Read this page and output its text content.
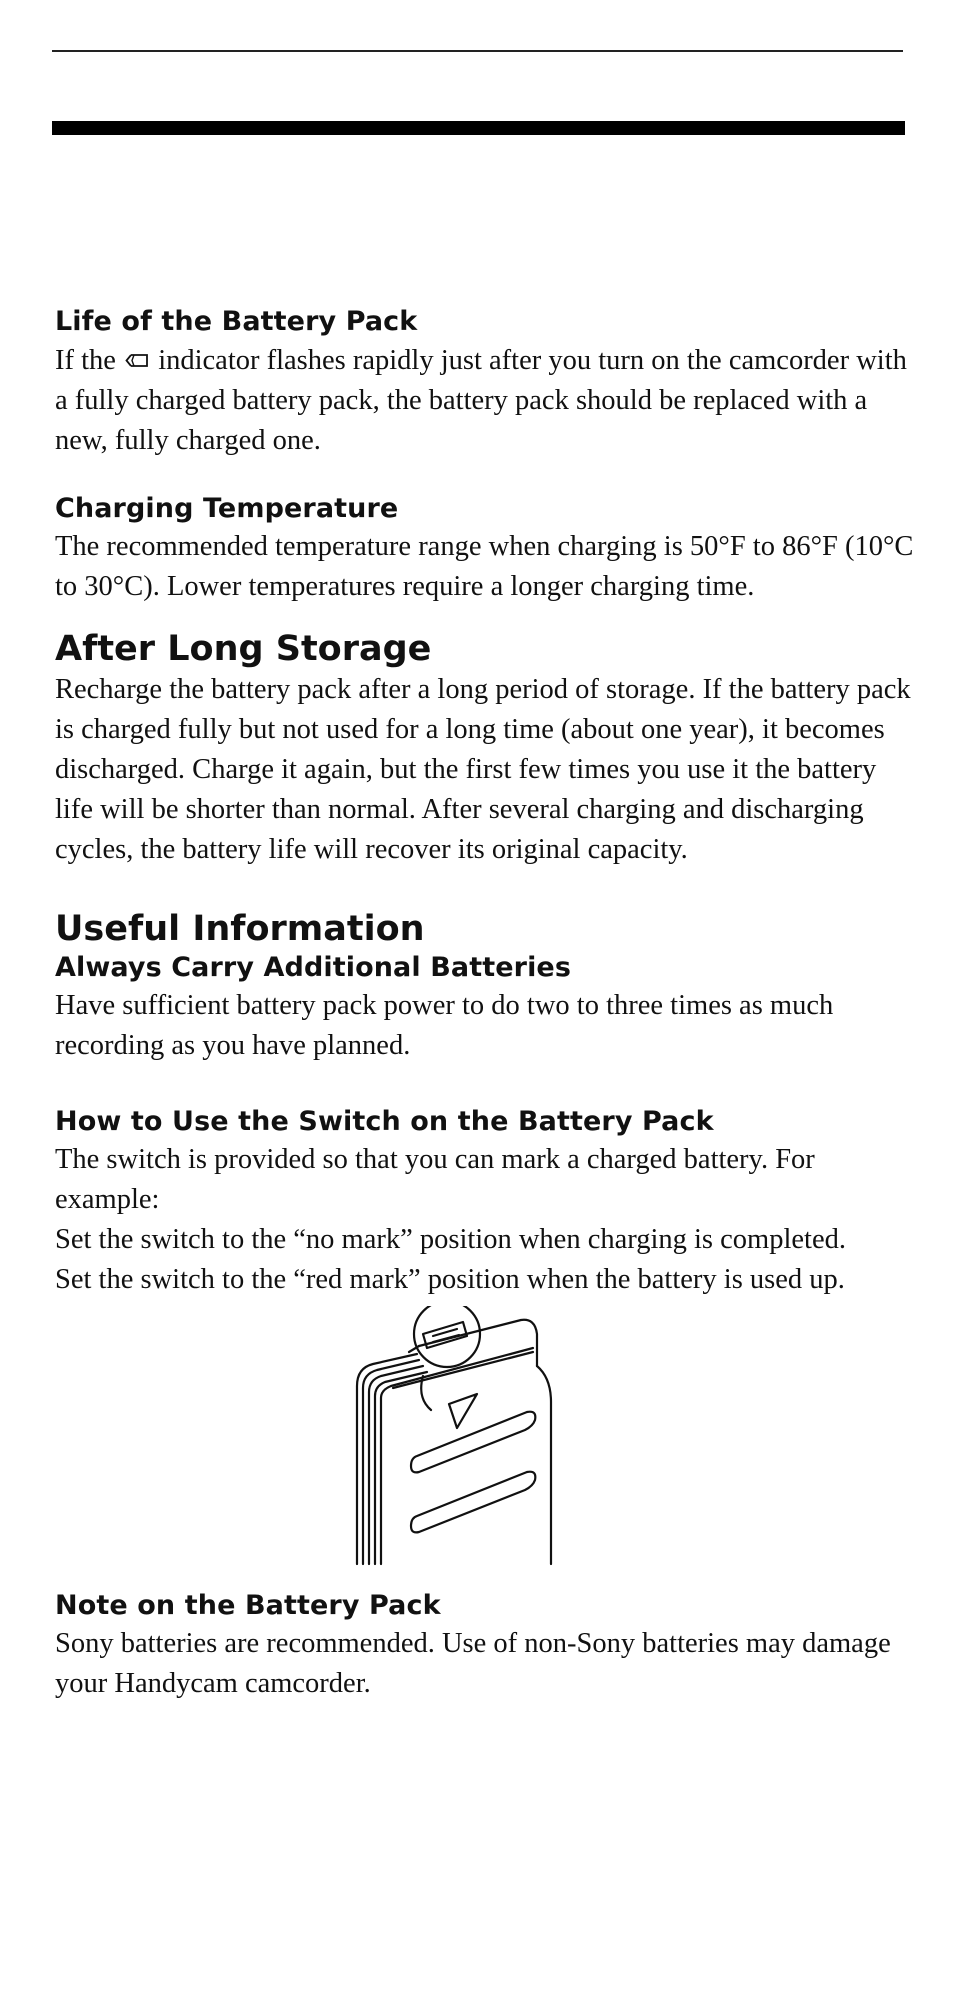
Life of the Battery Pack

If the  indicator flashes rapidly just after you turn on the camcorder with a fully charged battery pack, the battery pack should be replaced with a new, fully charged one.

Charging Temperature

The recommended temperature range when charging is 50°F to 86°F (10°C to 30°C). Lower temperatures require a longer charging time.

After Long Storage

Recharge the battery pack after a long period of storage. If the battery pack is charged fully but not used for a long time (about one year), it becomes discharged. Charge it again, but the first few times you use it the battery life will be shorter than normal. After several charging and discharging cycles, the battery life will recover its original capacity.

Useful Information
Always Carry Additional Batteries

Have sufficient battery pack power to do two to three times as much recording as you have planned.

How to Use the Switch on the Battery Pack

The switch is provided so that you can mark a charged battery. For example:

Set the switch to the “no mark” position when charging is completed.

Set the switch to the “red mark” position when the battery is used up.

Note on the Battery Pack

Sony batteries are recommended. Use of non-Sony batteries may damage your Handycam camcorder.
